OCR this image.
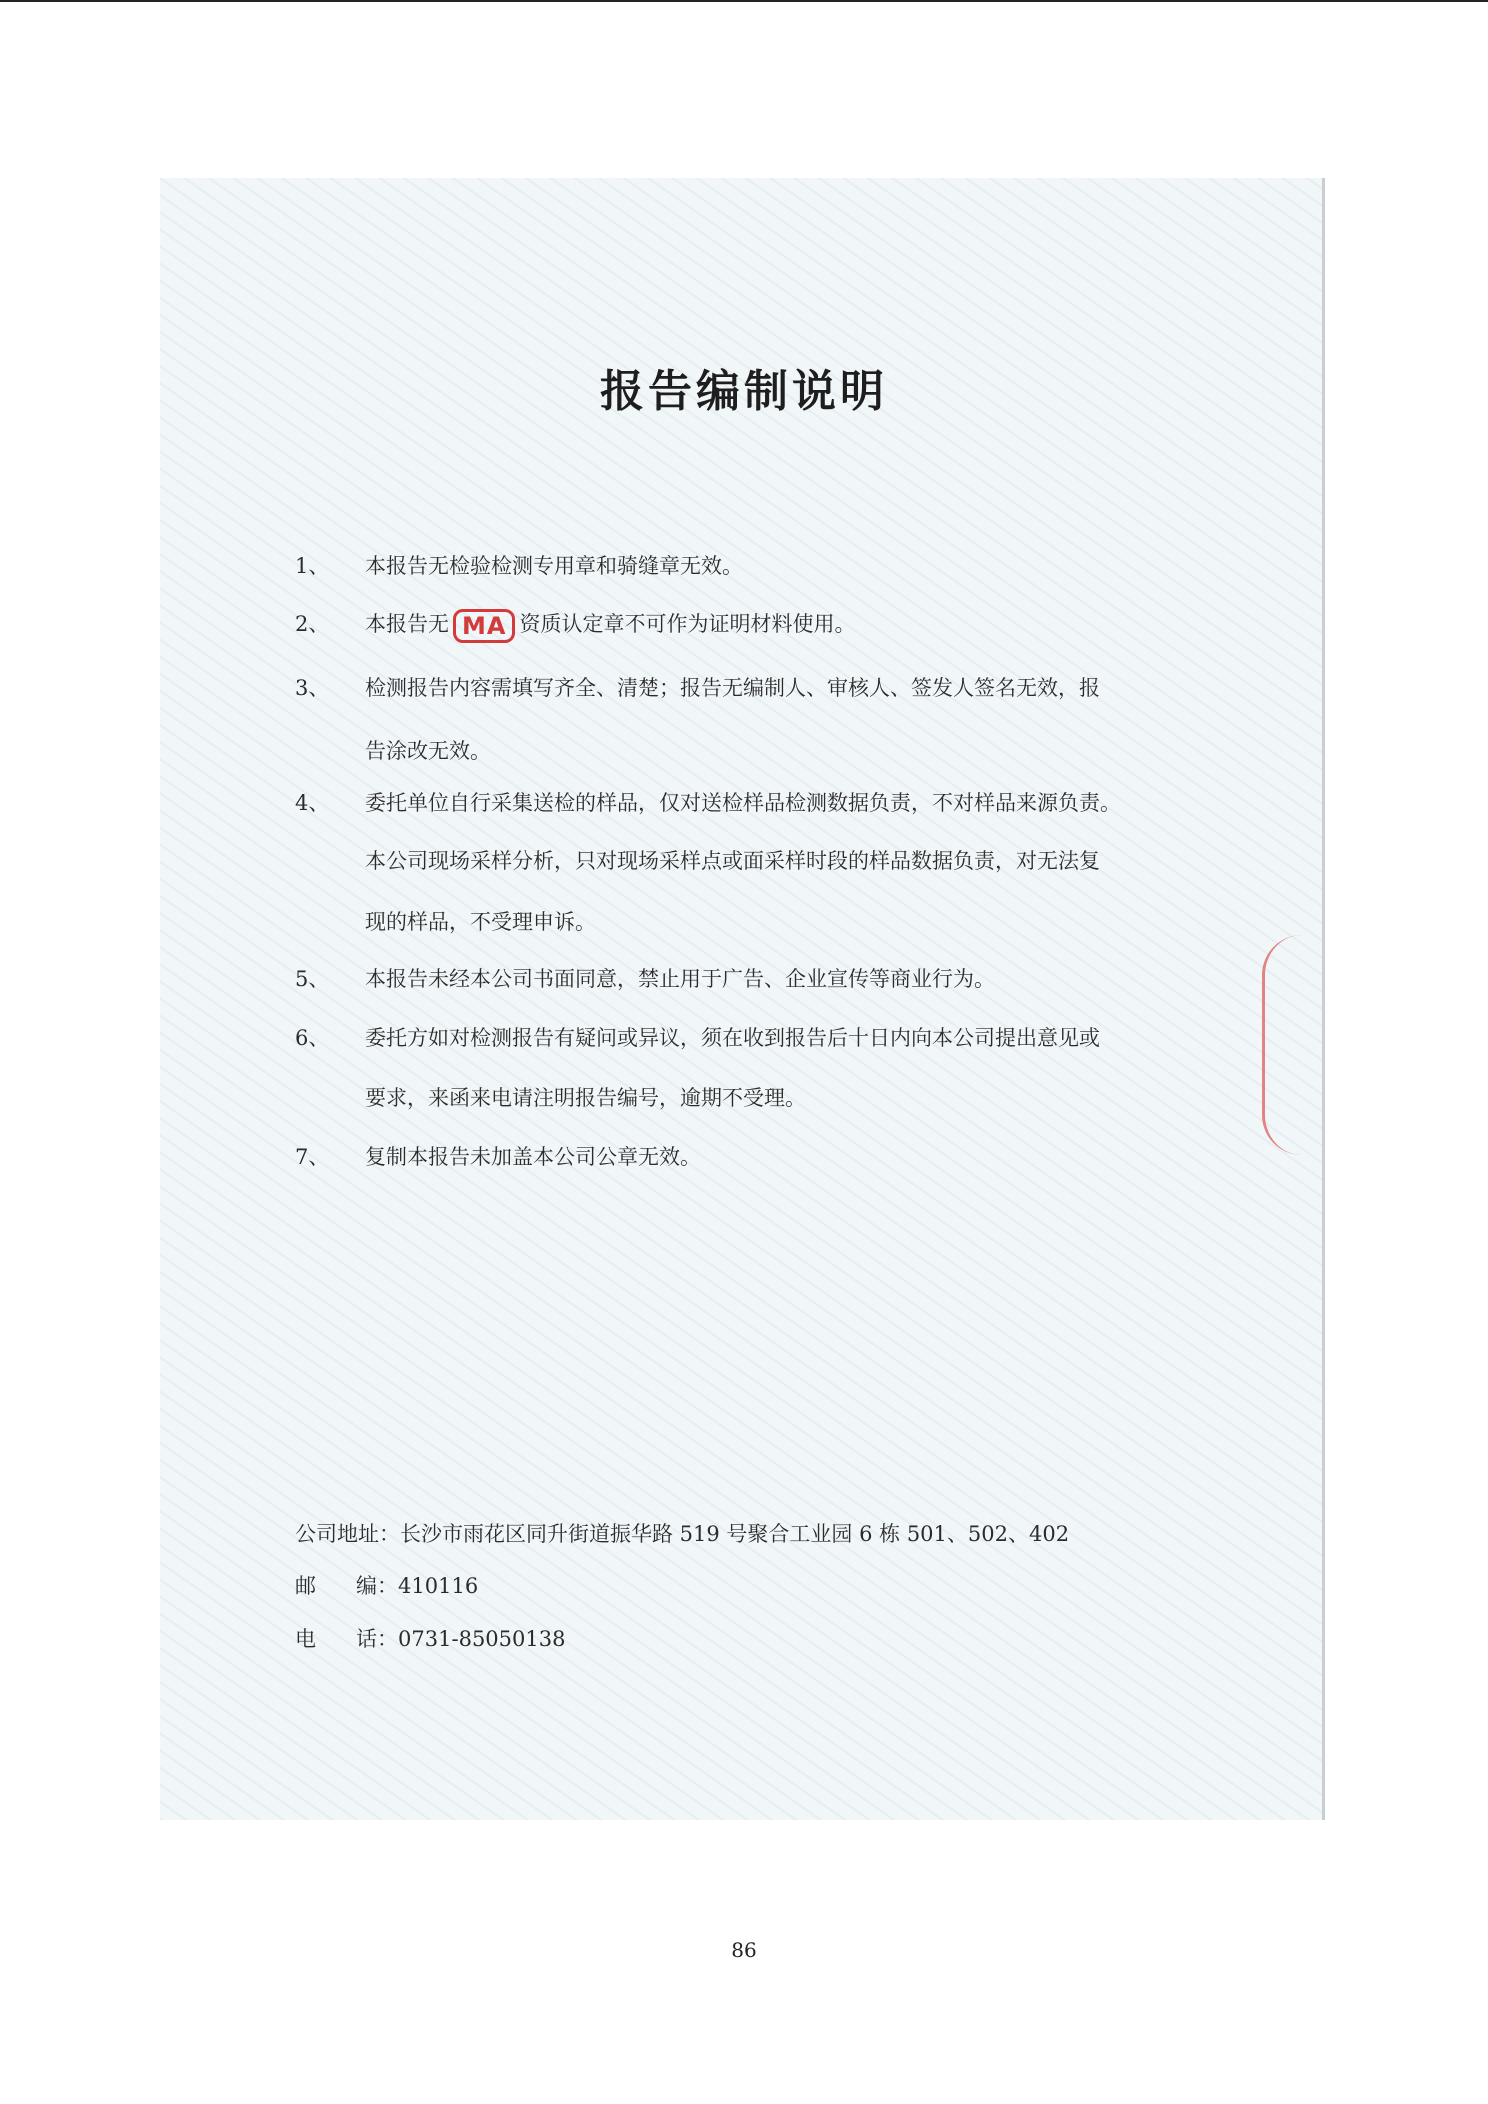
报告编制说明
1、 本报告无检验检测专用章和骑缝章无效。
2、 本报告无 MA 资质认定章不可作为证明材料使用。
3、 检测报告内容需填写齐全、清楚；报告无编制人、审核人、签发人签名无效，报
告涂改无效。
4、 委托单位自行采集送检的样品，仅对送检样品检测数据负责，不对样品来源负责。
本公司现场采样分析，只对现场采样点或面采样时段的样品数据负责，对无法复
现的样品，不受理申诉。
5、 本报告未经本公司书面同意，禁止用于广告、企业宣传等商业行为。
6、 委托方如对检测报告有疑问或异议，须在收到报告后十日内向本公司提出意见或
要求，来函来电请注明报告编号，逾期不受理。
7、 复制本报告未加盖本公司公章无效。
公司地址：长沙市雨花区同升街道振华路 519 号聚合工业园 6 栋 501、502、402
邮      编：410116
电      话：0731-85050138
86
